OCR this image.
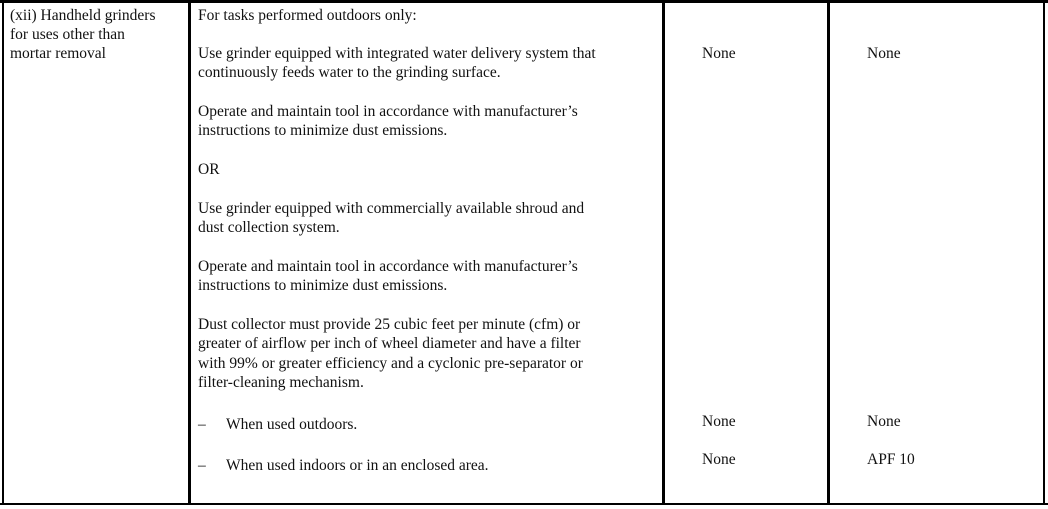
(xii) Handheld grinders
for uses other than
mortar removal
For tasks performed outdoors only:
Use grinder equipped with integrated water delivery system that
continuously feeds water to the grinding surface.
Operate and maintain tool in accordance with manufacturer’s
instructions to minimize dust emissions.
OR
Use grinder equipped with commercially available shroud and
dust collection system.
Operate and maintain tool in accordance with manufacturer’s
instructions to minimize dust emissions.
Dust collector must provide 25 cubic feet per minute (cfm) or
greater of airflow per inch of wheel diameter and have a filter
with 99% or greater efficiency and a cyclonic pre-separator or
filter-cleaning mechanism.
– When used outdoors.
– When used indoors or in an enclosed area.
None
None
None
None
None
APF 10
